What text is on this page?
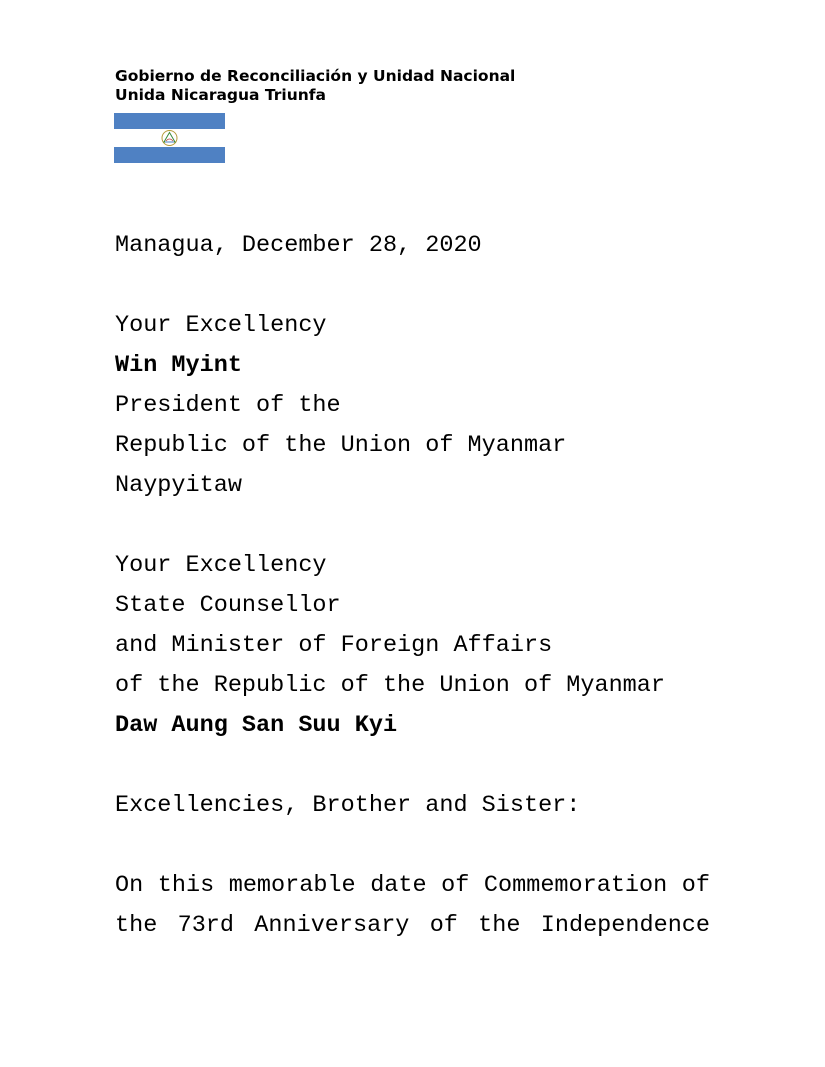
Gobierno de Reconciliación y Unidad Nacional
Unida Nicaragua Triunfa
Managua, December 28, 2020
Your Excellency
Win Myint
President of the
Republic of the Union of Myanmar
Naypyitaw
Your Excellency
State Counsellor
and Minister of Foreign Affairs
of the Republic of the Union of Myanmar
Daw Aung San Suu Kyi
Excellencies, Brother and Sister:
On this memorable date of Commemoration of
the 73rd Anniversary of the Independence
